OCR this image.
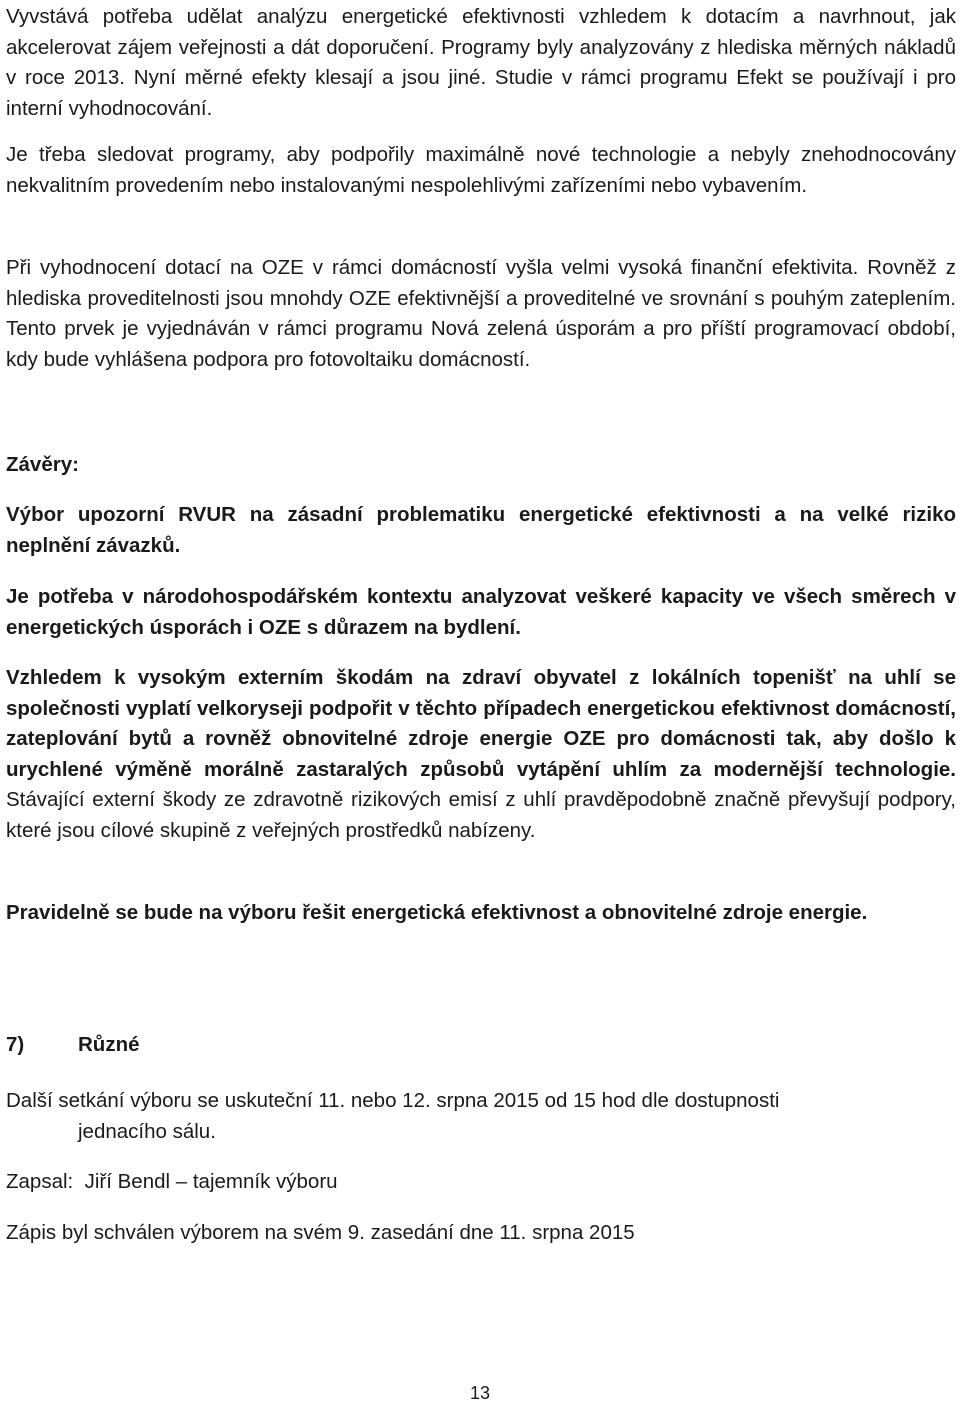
Vyvstává potřeba udělat analýzu energetické efektivnosti vzhledem k dotacím a navrhnout, jak akcelerovat zájem veřejnosti a dát doporučení. Programy byly analyzovány z hlediska měrných nákladů v roce 2013. Nyní měrné efekty klesají a jsou jiné. Studie v rámci programu Efekt se používají i pro interní vyhodnocování.

Je třeba sledovat programy, aby podpořily maximálně nové technologie a nebyly znehodnocovány nekvalitním provedením nebo instalovanými nespolehlivými zařízeními nebo vybavením.

Při vyhodnocení dotací na OZE v rámci domácností vyšla velmi vysoká finanční efektivita. Rovněž z hlediska proveditelnosti jsou mnohdy OZE efektivnější a proveditelné ve srovnání s pouhým zateplením. Tento prvek je vyjednáván v rámci programu Nová zelená úsporám a pro příští programovací období, kdy bude vyhlášena podpora pro fotovoltaiku domácností.

Závěry:

Výbor upozorní RVUR na zásadní problematiku energetické efektivnosti a na velké riziko neplnění závazků.

Je potřeba v národohospodářském kontextu analyzovat veškeré kapacity ve všech směrech v energetických úsporách i OZE s důrazem na bydlení.

Vzhledem k vysokým externím škodám na zdraví obyvatel z lokálních topenišť na uhlí se společnosti vyplatí velkoryseji podpořit v těchto případech energetickou efektivnost domácností, zateplování bytů a rovněž obnovitelné zdroje energie OZE pro domácnosti tak, aby došlo k urychlené výměně morálně zastaralých způsobů vytápění uhlím za modernější technologie. Stávající externí škody ze zdravotně rizikových emisí z uhlí pravděpodobně značně převyšují podpory, které jsou cílové skupině z veřejných prostředků nabízeny.

Pravidelně se bude na výboru řešit energetická efektivnost a obnovitelné zdroje energie.

7)	Různé

Další setkání výboru se uskuteční 11. nebo 12. srpna 2015 od 15 hod dle dostupnosti
jednacího sálu.

Zapsal:  Jiří Bendl – tajemník výboru

Zápis byl schválen výborem na svém 9. zasedání dne 11. srpna 2015

13
